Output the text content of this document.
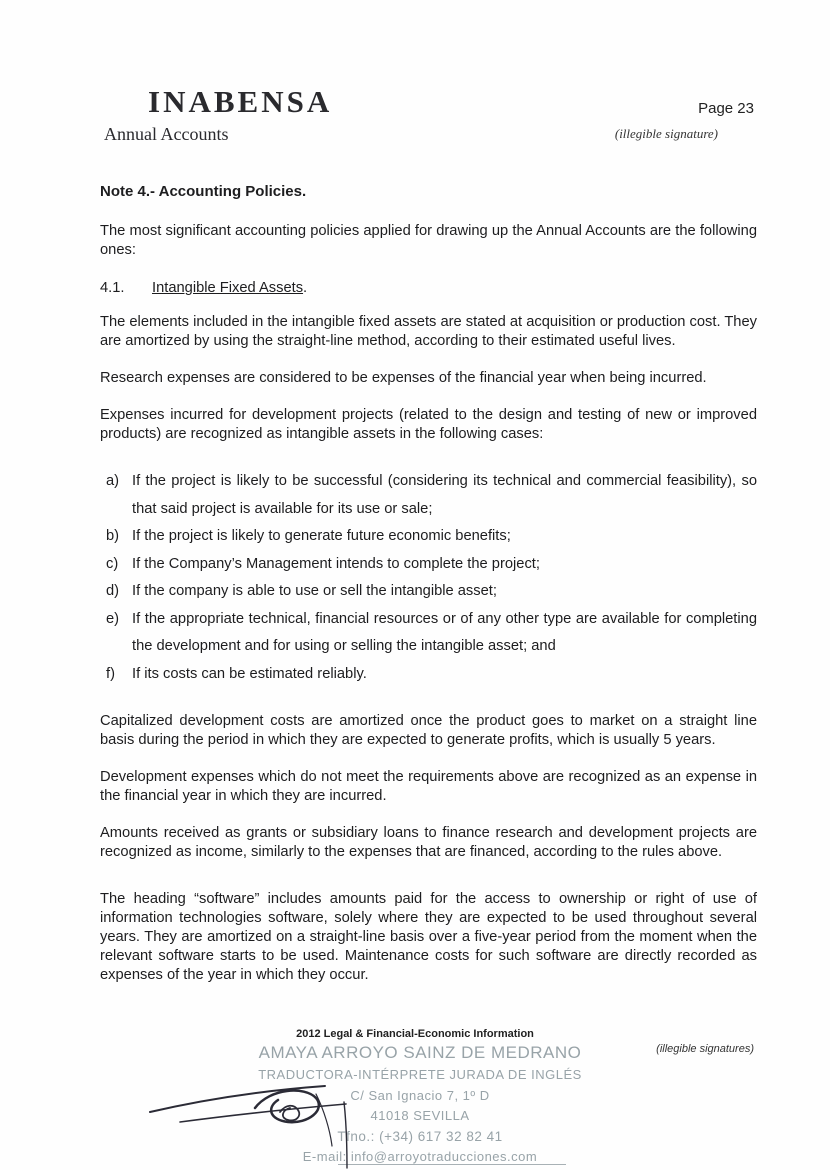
INABENSA	Page 23
Annual Accounts	(illegible signature)
Note 4.- Accounting Policies.

The most significant accounting policies applied for drawing up the Annual Accounts are the following ones:

4.1. Intangible Fixed Assets.

The elements included in the intangible fixed assets are stated at acquisition or production cost. They are amortized by using the straight-line method, according to their estimated useful lives.

Research expenses are considered to be expenses of the financial year when being incurred.

Expenses incurred for development projects (related to the design and testing of new or improved products) are recognized as intangible assets in the following cases:

a) If the project is likely to be successful (considering its technical and commercial feasibility), so that said project is available for its use or sale;
b) If the project is likely to generate future economic benefits;
c) If the Company’s Management intends to complete the project;
d) If the company is able to use or sell the intangible asset;
e) If the appropriate technical, financial resources or of any other type are available for completing the development and for using or selling the intangible asset; and
f)	If its costs can be estimated reliably.

Capitalized development costs are amortized once the product goes to market on a straight line basis during the period in which they are expected to generate profits, which is usually 5 years.

Development expenses which do not meet the requirements above are recognized as an expense in the financial year in which they are incurred.

Amounts received as grants or subsidiary loans to finance research and development projects are recognized as income, similarly to the expenses that are financed, according to the rules above.

The heading “software” includes amounts paid for the access to ownership or right of use of information technologies software, solely where they are expected to be used throughout several years. They are amortized on a straight-line basis over a five-year period from the moment when the relevant software starts to be used. Maintenance costs for such software are directly recorded as expenses of the year in which they occur.

2012 Legal & Financial-Economic Information
(illegible signatures)
AMAYA ARROYO SAINZ DE MEDRANO
TRADUCTORA-INTÉRPRETE JURADA DE INGLÉS
C/ San Ignacio 7, 1º D
41018 SEVILLA
Tfno.: (+34) 617 32 82 41
E-mail: info@arroyotraducciones.com
